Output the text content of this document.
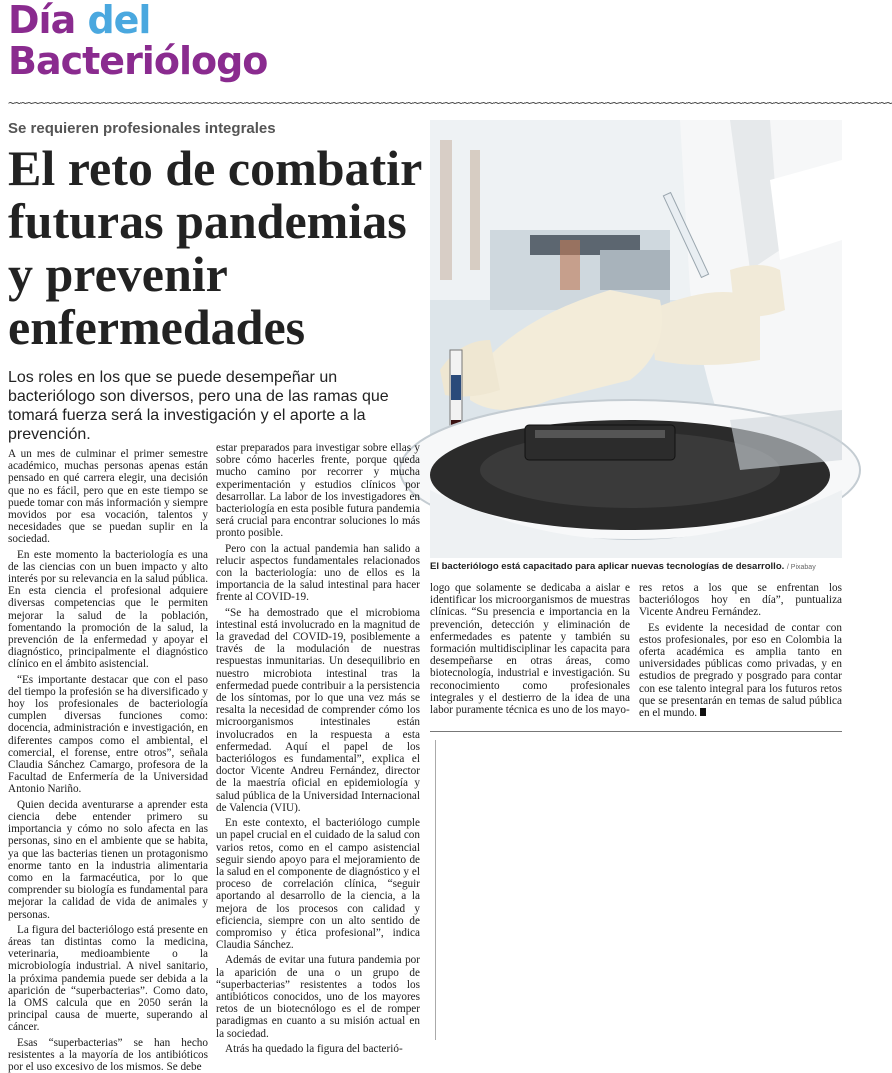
Día del
Bacteriólogo
~~~~~~~~~~~~~~~~~~~~~~~~~~~~~~~~~~~~~~~~~~~~~~~~~~~~~~~~~~~~~~~~~~~~~~~~~~~~~~~~~~~~~~~~~~~~~~~~~~~~~~~~~~~~~~~~~~~~~~~~~~~~~~~~~~~~~~~~~~~~~~
Se requieren profesionales integrales
El reto de combatir
futuras pandemias
y prevenir
enfermedades
Los roles en los que se puede desempeñar un bacteriólogo son diversos, pero una de las ramas que tomará fuerza será la investigación y el aporte a la prevención.
El bacteriólogo está capacitado para aplicar nuevas tecnologías de desarrollo. / Pixabay

A un mes de culminar el primer semestre académico, muchas personas apenas están pensado en qué carrera elegir, una decisión que no es fácil, pero que en este tiempo se puede tomar con más información y siempre movidos por esa vocación, talentos y necesidades que se puedan suplir en la sociedad.

En este momento la bacteriología es una de las ciencias con un buen impacto y alto interés por su relevancia en la salud pública. En esta ciencia el profesional adquiere diversas competencias que le permiten mejorar la salud de la población, fomentando la promoción de la salud, la prevención de la enfermedad y apoyar el diagnóstico, principalmente el diagnóstico clínico en el ámbito asistencial.

“Es importante destacar que con el paso del tiempo la profesión se ha diversificado y hoy los profesionales de bacteriología cumplen diversas funciones como: docencia, administración e investigación, en diferentes campos como el ambiental, el comercial, el forense, entre otros”, señala Claudia Sánchez Camargo, profesora de la Facultad de Enfermería de la Universidad Antonio Nariño.

Quien decida aventurarse a aprender esta ciencia debe entender primero su importancia y cómo no solo afecta en las personas, sino en el ambiente que se habita, ya que las bacterias tienen un protagonismo enorme tanto en la industria alimentaria como en la farmacéutica, por lo que comprender su biología es fundamental para mejorar la calidad de vida de animales y personas.

La figura del bacteriólogo está presente en áreas tan distintas como la medicina, veterinaria, medioambiente o la microbiología industrial. A nivel sanitario, la próxima pandemia puede ser debida a la aparición de “superbacterias”. Como dato, la OMS calcula que en 2050 serán la principal causa de muerte, superando al cáncer.

Esas “superbacterias” se han hecho resistentes a la mayoría de los antibióticos por el uso excesivo de los mismos. Se debe

estar preparados para investigar sobre ellas y sobre cómo hacerles frente, porque queda mucho camino por recorrer y mucha experimentación y estudios clínicos por desarrollar. La labor de los investigadores en bacteriología en esta posible futura pandemia será crucial para encontrar soluciones lo más pronto posible.

Pero con la actual pandemia han salido a relucir aspectos fundamentales relacionados con la bacteriología: uno de ellos es la importancia de la salud intestinal para hacer frente al COVID-19.

“Se ha demostrado que el microbioma intestinal está involucrado en la magnitud de la gravedad del COVID-19, posiblemente a través de la modulación de nuestras respuestas inmunitarias. Un desequilibrio en nuestro microbiota intestinal tras la enfermedad puede contribuir a la persistencia de los síntomas, por lo que una vez más se resalta la necesidad de comprender cómo los microorganismos intestinales están involucrados en la respuesta a esta enfermedad. Aquí el papel de los bacteriólogos es fundamental”, explica el doctor Vicente Andreu Fernández, director de la maestría oficial en epidemiología y salud pública de la Universidad Internacional de Valencia (VIU).

En este contexto, el bacteriólogo cumple un papel crucial en el cuidado de la salud con varios retos, como en el campo asistencial seguir siendo apoyo para el mejoramiento de la salud en el componente de diagnóstico y el proceso de correlación clínica, “seguir aportando al desarrollo de la ciencia, a la mejora de los procesos con calidad y eficiencia, siempre con un alto sentido de compromiso y ética profesional”, indica Claudia Sánchez.

Además de evitar una futura pandemia por la aparición de una o un grupo de “superbacterias” resistentes a todos los antibióticos conocidos, uno de los mayores retos de un biotecnólogo es el de romper paradigmas en cuanto a su misión actual en la sociedad.

Atrás ha quedado la figura del bacterió-

logo que solamente se dedicaba a aislar e identificar los microorganismos de muestras clínicas. “Su presencia e importancia en la prevención, detección y eliminación de enfermedades es patente y también su formación multidisciplinar les capacita para desempeñarse en otras áreas, como biotecnología, industrial e investigación. Su reconocimiento como profesionales integrales y el destierro de la idea de una labor puramente técnica es uno de los mayo-

res retos a los que se enfrentan los bacteriólogos hoy en día”, puntualiza Vicente Andreu Fernández.

Es evidente la necesidad de contar con estos profesionales, por eso en Colombia la oferta académica es amplia tanto en universidades públicas como privadas, y en estudios de pregrado y posgrado para contar con ese talento integral para los futuros retos que se presentarán en temas de salud pública en el mundo.
